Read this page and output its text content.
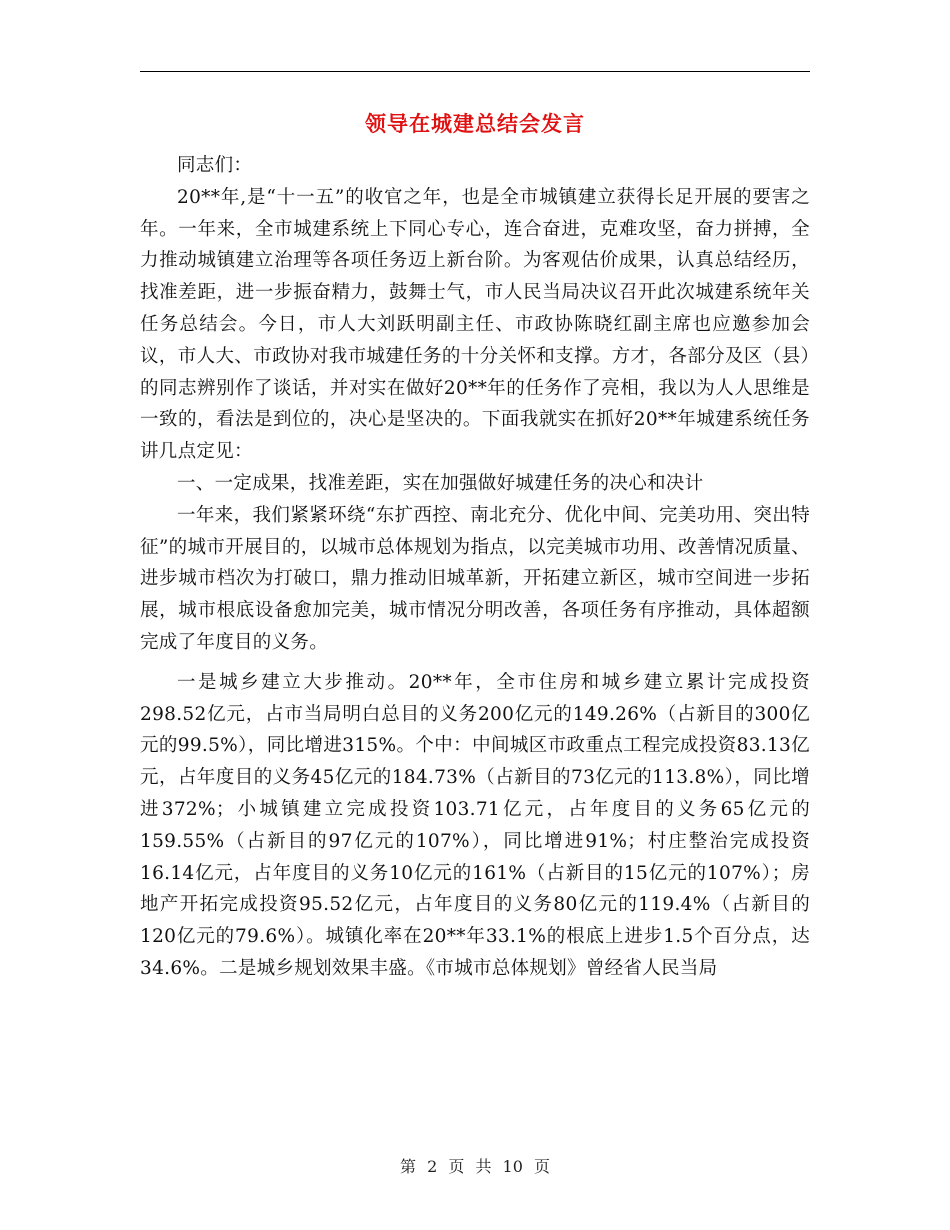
领导在城建总结会发言

同志们：

20**年,是“十一五”的收官之年，也是全市城镇建立获得长足开展的要害之年。一年来，全市城建系统上下同心专心，连合奋进，克难攻坚，奋力拼搏，全力推动城镇建立治理等各项任务迈上新台阶。为客观估价成果，认真总结经历，找准差距，进一步振奋精力，鼓舞士气，市人民当局决议召开此次城建系统年关任务总结会。今日，市人大刘跃明副主任、市政协陈晓红副主席也应邀参加会议，市人大、市政协对我市城建任务的十分关怀和支撑。方才，各部分及区（县）的同志辨别作了谈话，并对实在做好20**年的任务作了亮相，我以为人人思维是一致的，看法是到位的，决心是坚决的。下面我就实在抓好20**年城建系统任务讲几点定见：

一、一定成果，找准差距，实在加强做好城建任务的决心和决计

一年来，我们紧紧环绕“东扩西控、南北充分、优化中间、完美功用、突出特征”的城市开展目的，以城市总体规划为指点，以完美城市功用、改善情况质量、进步城市档次为打破口，鼎力推动旧城革新，开拓建立新区，城市空间进一步拓展，城市根底设备愈加完美，城市情况分明改善，各项任务有序推动，具体超额完成了年度目的义务。

一是城乡建立大步推动。20**年，全市住房和城乡建立累计完成投资298.52亿元，占市当局明白总目的义务200亿元的149.26%（占新目的300亿元的99.5%），同比增进315%。个中：中间城区市政重点工程完成投资83.13亿元，占年度目的义务45亿元的184.73%（占新目的73亿元的113.8%），同比增进372%；小城镇建立完成投资103.71亿元，占年度目的义务65亿元的159.55%（占新目的97亿元的107%），同比增进91%；村庄整治完成投资16.14亿元，占年度目的义务10亿元的161%（占新目的15亿元的107%）；房地产开拓完成投资95.52亿元，占年度目的义务80亿元的119.4%（占新目的120亿元的79.6%）。城镇化率在20**年33.1%的根底上进步1.5个百分点，达34.6%。二是城乡规划效果丰盛。《市城市总体规划》曾经省人民当局

第 2 页 共 10 页
